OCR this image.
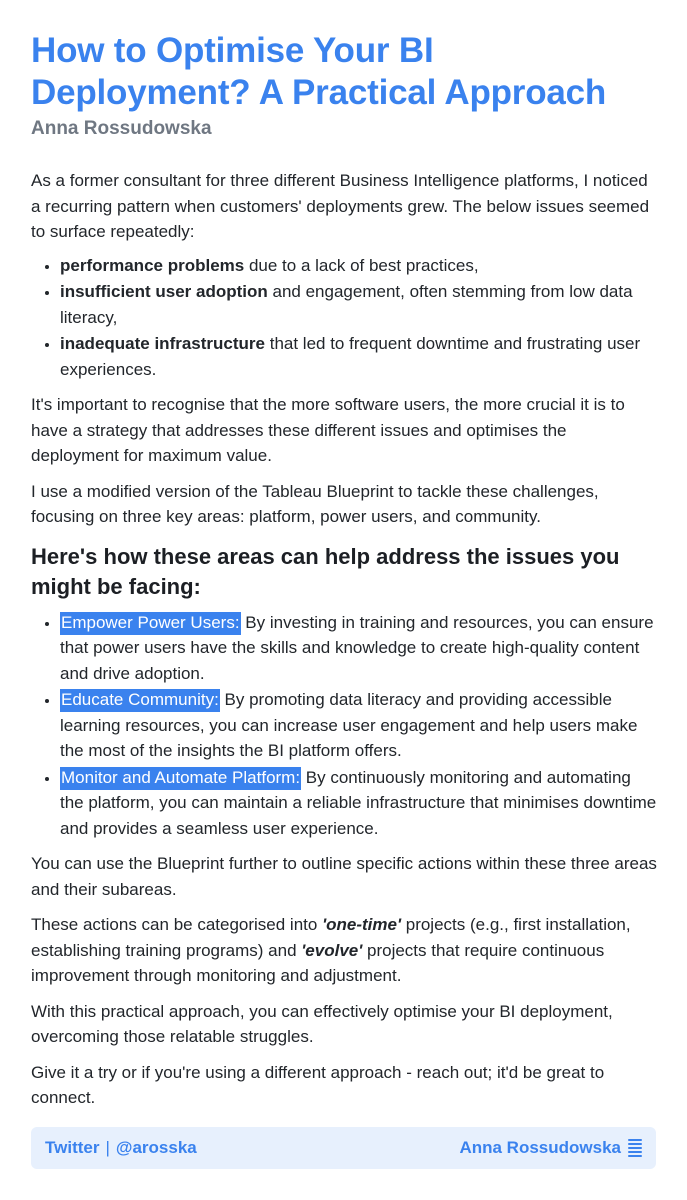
How to Optimise Your BI Deployment? A Practical Approach
Anna Rossudowska

As a former consultant for three different Business Intelligence platforms, I noticed a recurring pattern when customers' deployments grew. The below issues seemed to surface repeatedly:

• performance problems due to a lack of best practices,
• insufficient user adoption and engagement, often stemming from low data literacy,
• inadequate infrastructure that led to frequent downtime and frustrating user experiences.

It's important to recognise that the more software users, the more crucial it is to have a strategy that addresses these different issues and optimises the deployment for maximum value.

I use a modified version of the Tableau Blueprint to tackle these challenges, focusing on three key areas: platform, power users, and community.

Here's how these areas can help address the issues you might be facing:
• Empower Power Users: By investing in training and resources, you can ensure that power users have the skills and knowledge to create high-quality content and drive adoption.
• Educate Community: By promoting data literacy and providing accessible learning resources, you can increase user engagement and help users make the most of the insights the BI platform offers.
• Monitor and Automate Platform: By continuously monitoring and automating the platform, you can maintain a reliable infrastructure that minimises downtime and provides a seamless user experience.

You can use the Blueprint further to outline specific actions within these three areas and their subareas.

These actions can be categorised into 'one-time' projects (e.g., first installation, establishing training programs) and 'evolve' projects that require continuous improvement through monitoring and adjustment.

With this practical approach, you can effectively optimise your BI deployment, overcoming those relatable struggles.

Give it a try or if you're using a different approach - reach out; it'd be great to connect.

Twitter | @arosska	Anna Rossudowska
